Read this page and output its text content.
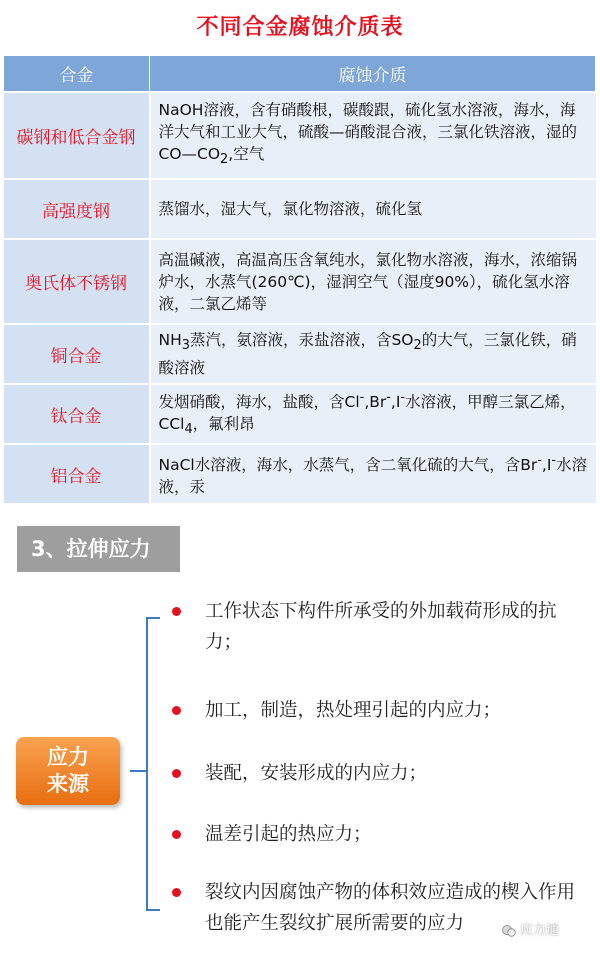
不同合金腐蚀介质表
合金	腐蚀介质
碳钢和低合金钢	NaOH溶液，含有硝酸根，碳酸跟，硫化氢水溶液，海水，海洋大气和工业大气，硫酸—硝酸混合液，三氯化铁溶液，湿的$CO—CO_2$,空气
高强度钢	蒸馏水，湿大气，氯化物溶液，硫化氢
奥氏体不锈钢	高温碱液，高温高压含氧纯水，氯化物水溶液，海水，浓缩锅炉水，水蒸气(260℃)，湿润空气（湿度90%），硫化氢水溶液，二氯乙烯等
铜合金	$NH_3$蒸汽，氨溶液，汞盐溶液，含$SO_2$的大气，三氯化铁，硝酸溶液
钛合金	发烟硝酸，海水，盐酸，含Cl-,Br-,I-水溶液，甲醇三氯乙烯，CCl$_4$，氟利昂
铝合金	NaCl水溶液，海水，水蒸气，含二氧化硫的大气，含Br-,I-水溶液，汞
3、拉伸应力
应力
来源
工作状态下构件所承受的外加载荷形成的抗力；
加工，制造，热处理引起的内应力；
装配，安装形成的内应力；
温差引起的热应力；
裂纹内因腐蚀产物的体积效应造成的楔入作用也能产生裂纹扩展所需要的应力	应力通
